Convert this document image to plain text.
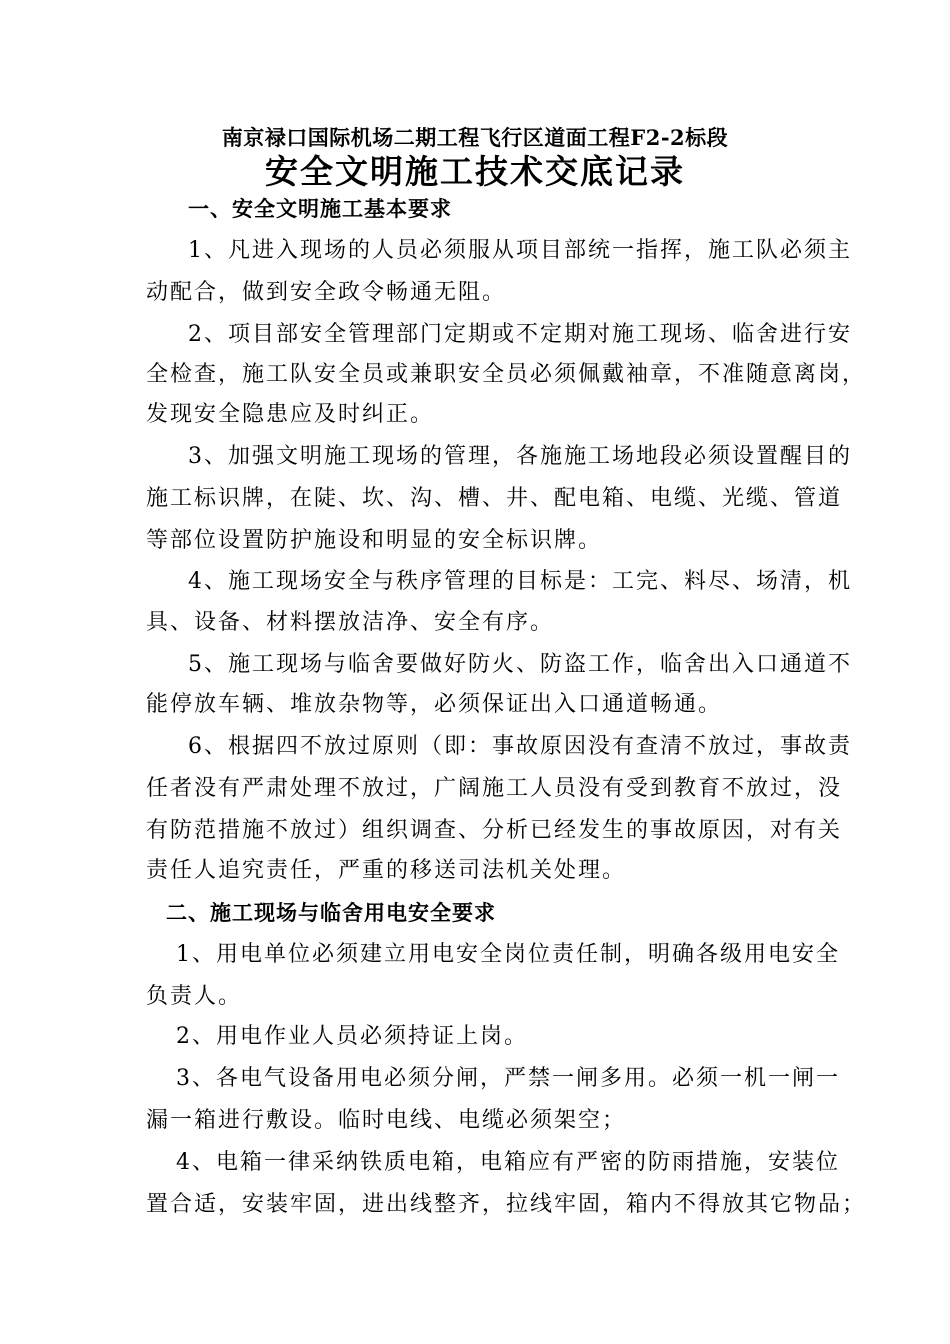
南京禄口国际机场二期工程飞行区道面工程F2-2标段
安全文明施工技术交底记录
一、安全文明施工基本要求
1、凡进入现场的人员必须服从项目部统一指挥，施工队必须主
动配合，做到安全政令畅通无阻。
2、项目部安全管理部门定期或不定期对施工现场、临舍进行安
全检查，施工队安全员或兼职安全员必须佩戴袖章，不准随意离岗，
发现安全隐患应及时纠正。
3、加强文明施工现场的管理，各施施工场地段必须设置醒目的
施工标识牌，在陡、坎、沟、槽、井、配电箱、电缆、光缆、管道
等部位设置防护施设和明显的安全标识牌。
4、施工现场安全与秩序管理的目标是：工完、料尽、场清，机
具、设备、材料摆放洁净、安全有序。
5、施工现场与临舍要做好防火、防盗工作，临舍出入口通道不
能停放车辆、堆放杂物等，必须保证出入口通道畅通。
6、根据四不放过原则（即：事故原因没有查清不放过，事故责
任者没有严肃处理不放过，广阔施工人员没有受到教育不放过，没
有防范措施不放过）组织调查、分析已经发生的事故原因，对有关
责任人追究责任，严重的移送司法机关处理。
二、施工现场与临舍用电安全要求
1、用电单位必须建立用电安全岗位责任制，明确各级用电安全
负责人。
2、用电作业人员必须持证上岗。
3、各电气设备用电必须分闸，严禁一闸多用。必须一机一闸一
漏一箱进行敷设。临时电线、电缆必须架空；
4、电箱一律采纳铁质电箱，电箱应有严密的防雨措施，安装位
置合适，安装牢固，进出线整齐，拉线牢固，箱内不得放其它物品；
